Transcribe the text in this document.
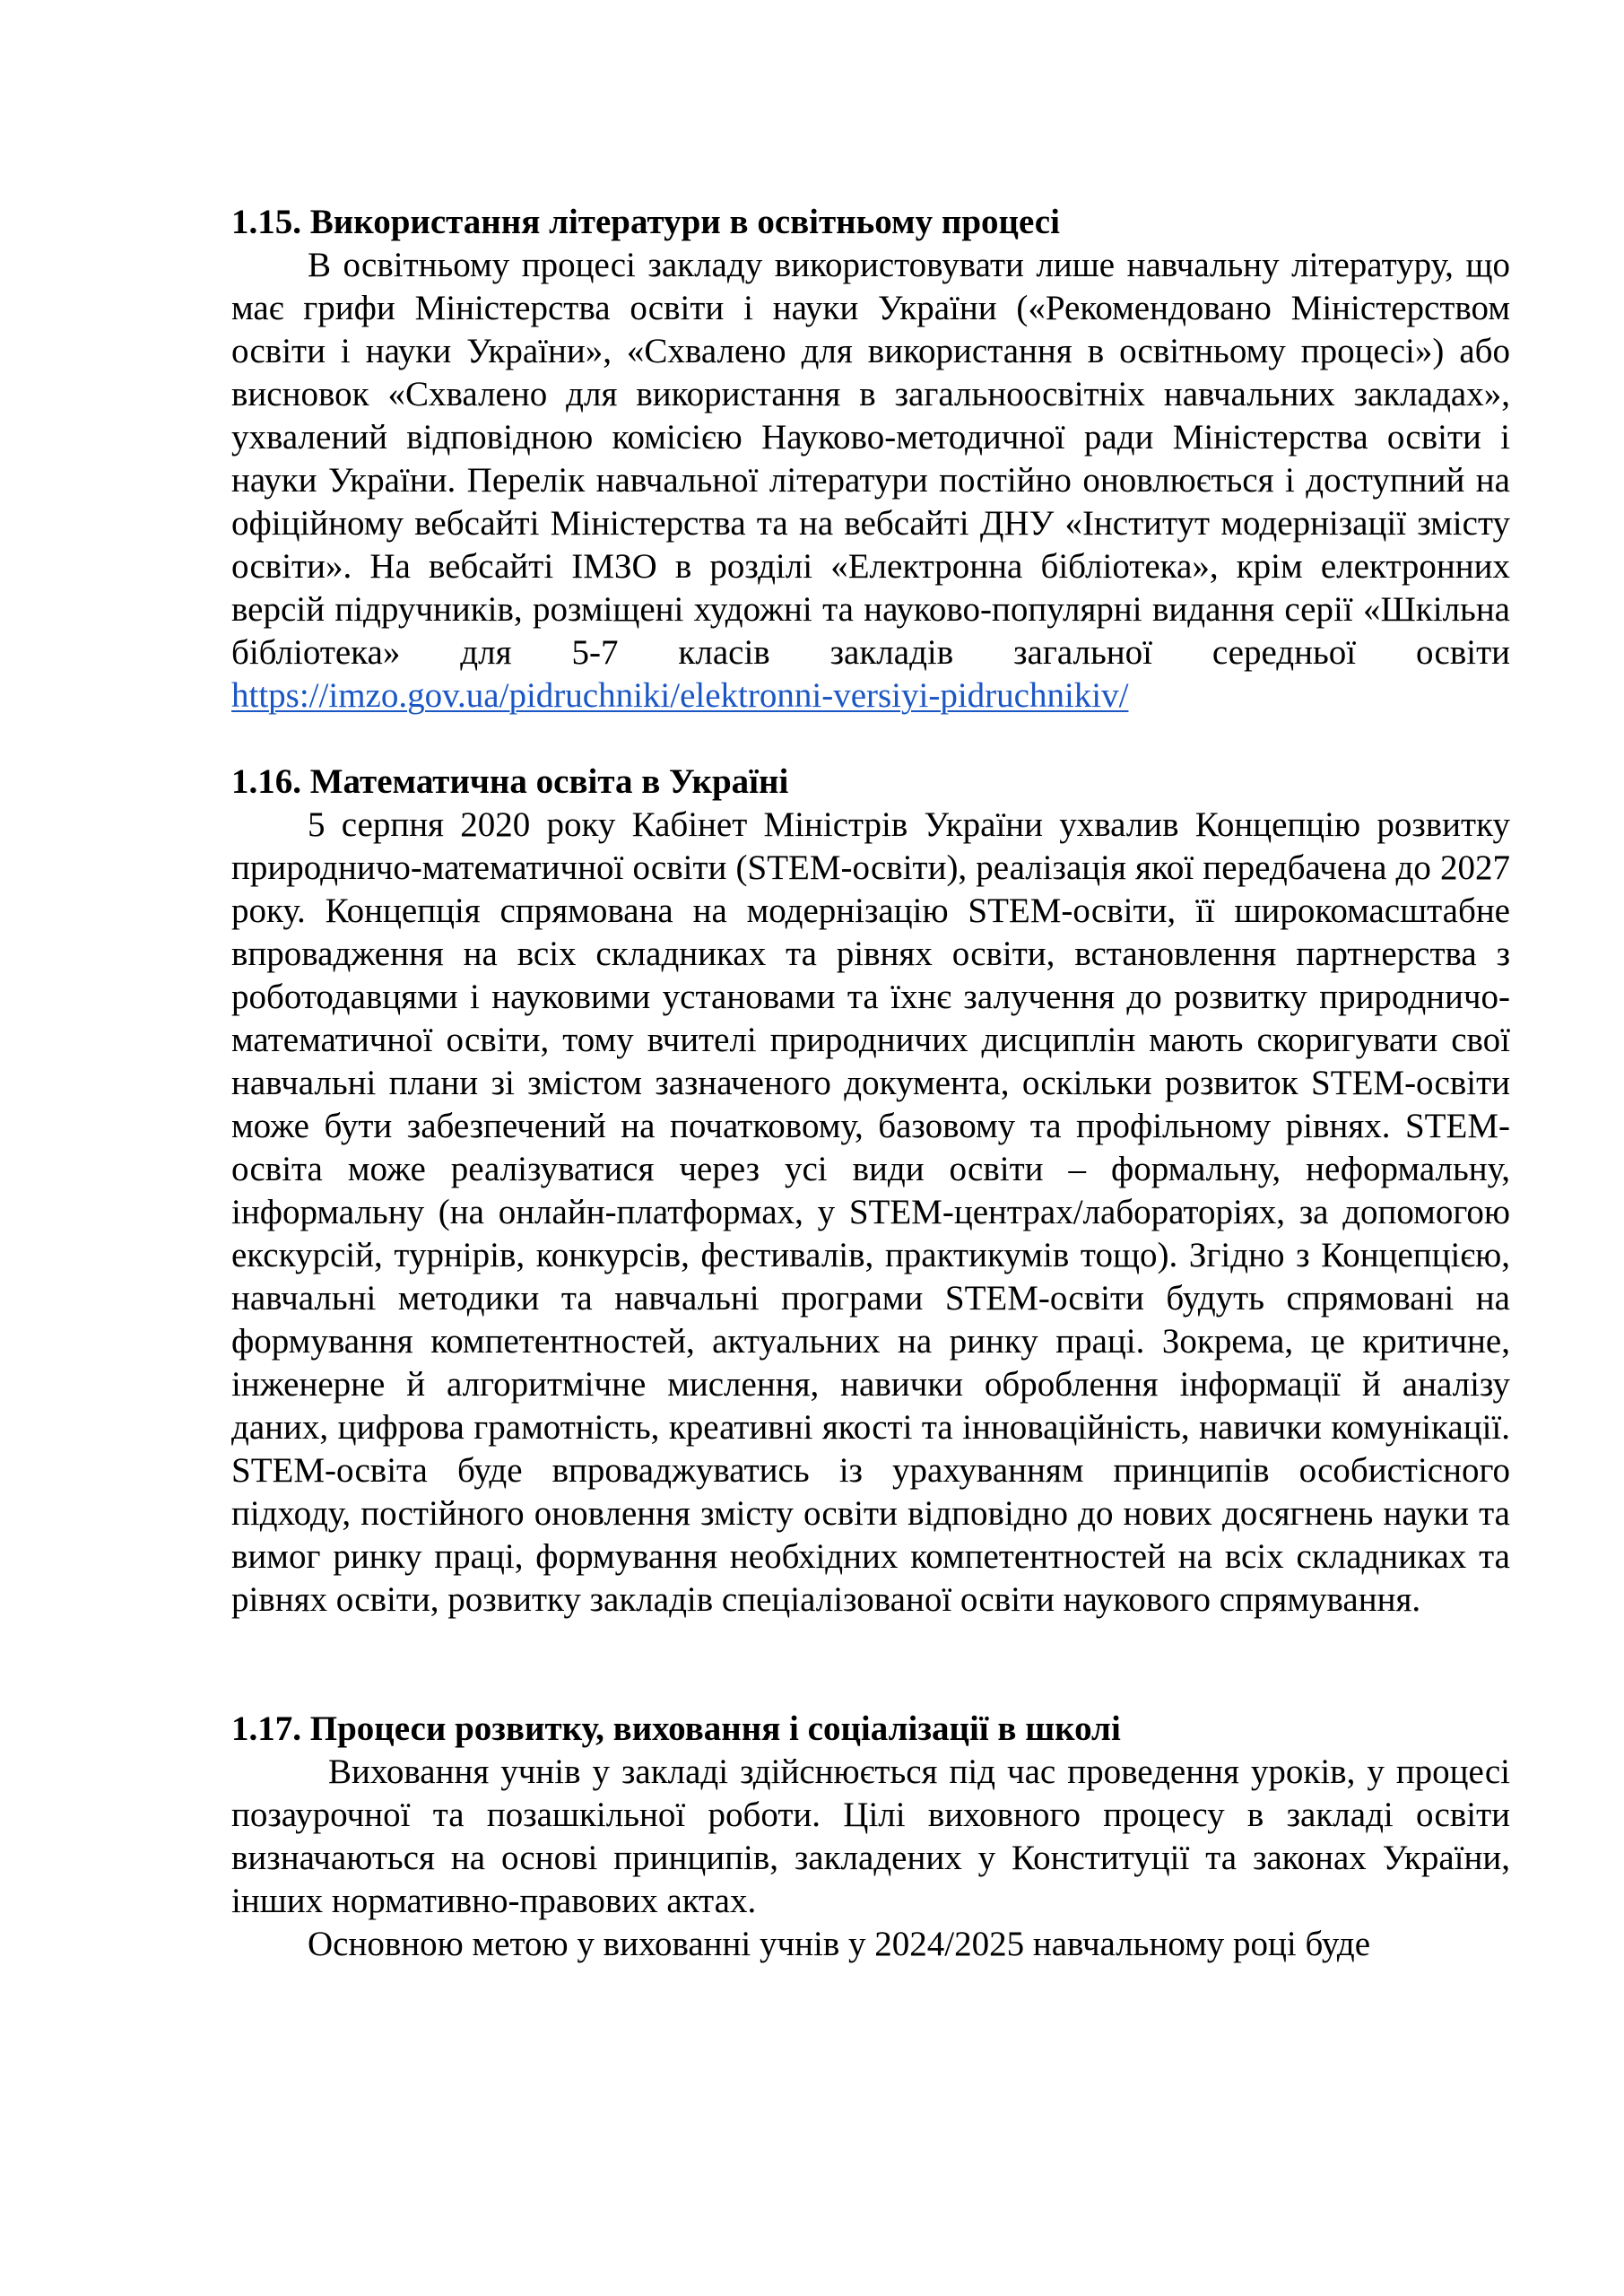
1.15. Використання літератури в освітньому процесі

В освітньому процесі закладу використовувати лише навчальну літературу, що має грифи Міністерства освіти і науки України («Рекомендовано Міністерством освіти і науки України», «Схвалено для використання в освітньому процесі») або висновок «Схвалено для використання в загальноосвітніх навчальних закладах», ухвалений відповідною комісією Науково-методичної ради Міністерства освіти і науки України. Перелік навчальної літератури постійно оновлюється і доступний на офіційному вебсайті Міністерства та на вебсайті ДНУ «Інститут модернізації змісту освіти». На вебсайті ІМЗО в розділі «Електронна бібліотека», крім електронних версій підручників, розміщені художні та науково-популярні видання серії «Шкільна бібліотека» для 5-7 класів закладів загальної середньої освіти https://imzo.gov.ua/pidruchniki/elektronni-versiyi-pidruchnikiv/

1.16. Математична освіта в Україні

5 серпня 2020 року Кабінет Міністрів України ухвалив Концепцію розвитку природничо-математичної освіти (STEM-освіти), реалізація якої передбачена до 2027 року. Концепція спрямована на модернізацію STEM-освіти, її широкомасштабне впровадження на всіх складниках та рівнях освіти, встановлення партнерства з роботодавцями і науковими установами та їхнє залучення до розвитку природничо-математичної освіти, тому вчителі природничих дисциплін мають скоригувати свої навчальні плани зі змістом зазначеного документа, оскільки розвиток STEM-освіти може бути забезпечений на початковому, базовому та профільному рівнях. STEM-освіта може реалізуватися через усі види освіти – формальну, неформальну, інформальну (на онлайн-платформах, у STEM-центрах/лабораторіях, за допомогою екскурсій, турнірів, конкурсів, фестивалів, практикумів тощо). Згідно з Концепцією, навчальні методики та навчальні програми STEM-освіти будуть спрямовані на формування компетентностей, актуальних на ринку праці. Зокрема, це критичне, інженерне й алгоритмічне мислення, навички оброблення інформації й аналізу даних, цифрова грамотність, креативні якості та інноваційність, навички комунікації. STEM-освіта буде впроваджуватись із урахуванням принципів особистісного підходу, постійного оновлення змісту освіти відповідно до нових досягнень науки та вимог ринку праці, формування необхідних компетентностей на всіх складниках та рівнях освіти, розвитку закладів спеціалізованої освіти наукового спрямування.

1.17. Процеси розвитку, виховання і соціалізації в школі

Виховання учнів у закладі здійснюється під час проведення уроків, у процесі позаурочної та позашкільної роботи. Цілі виховного процесу в закладі освіти визначаються на основі принципів, закладених у Конституції та законах України, інших нормативно-правових актах.

Основною метою у вихованні учнів у 2024/2025 навчальному році буде
